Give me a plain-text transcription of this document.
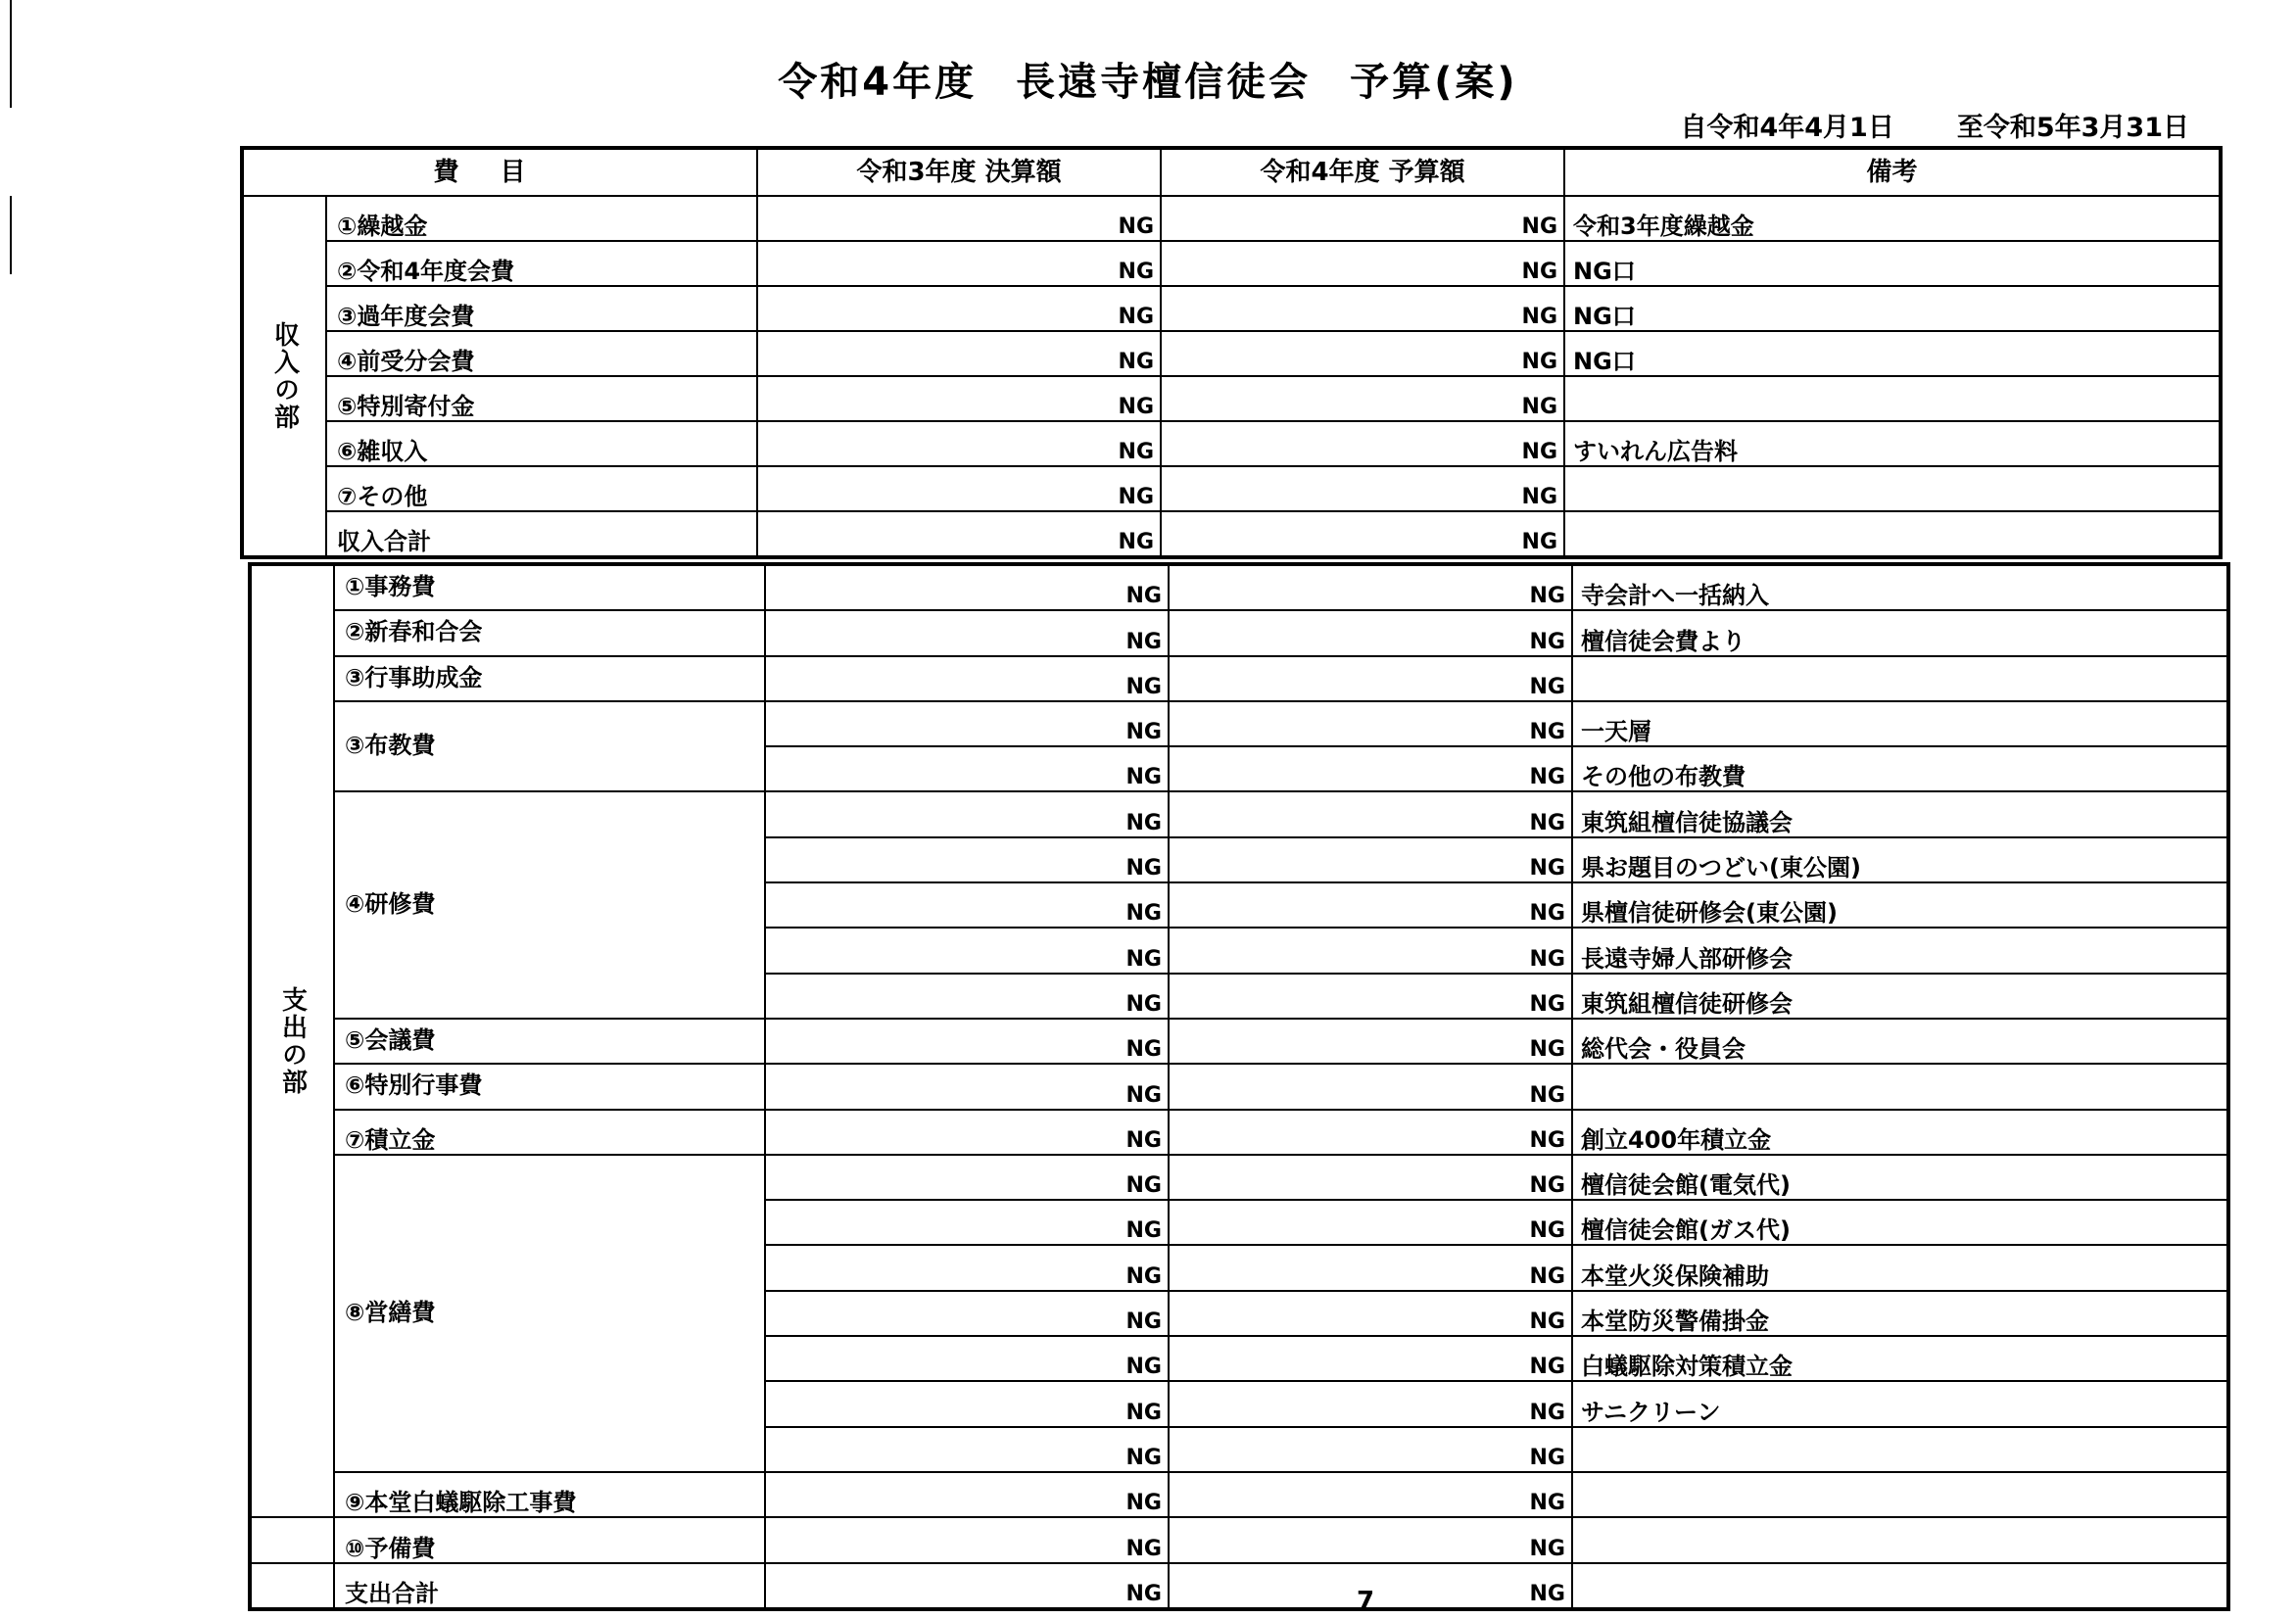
令和4年度 長遠寺檀信徒会 予算(案)
自令和4年4月1日 至令和5年3月31日
費目		令和3年度 決算額	令和4年度 予算額	備考
収入の部	①繰越金	NG	NG	令和3年度繰越金
	②令和4年度会費	NG	NG	NG口
	③過年度会費	NG	NG	NG口
	④前受分会費	NG	NG	NG口
	⑤特別寄付金	NG	NG	
	⑥雑収入	NG	NG	すいれん広告料
	⑦その他	NG	NG	
	収入合計	NG	NG	
支出の部	①事務費	NG	NG	寺会計へ一括納入
	②新春和合会	NG	NG	檀信徒会費より
	③行事助成金	NG	NG	
	③布教費	NG	NG	一天層
		NG	NG	その他の布教費
	④研修費	NG	NG	東筑組檀信徒協議会
		NG	NG	県お題目のつどい(東公園)
		NG	NG	県檀信徒研修会(東公園)
		NG	NG	長遠寺婦人部研修会
		NG	NG	東筑組檀信徒研修会
	⑤会議費	NG	NG	総代会・役員会
	⑥特別行事費	NG	NG	
	⑦積立金	NG	NG	創立400年積立金
	⑧営繕費	NG	NG	檀信徒会館(電気代)
		NG	NG	檀信徒会館(ガス代)
		NG	NG	本堂火災保険補助
		NG	NG	本堂防災警備掛金
		NG	NG	白蟻駆除対策積立金
		NG	NG	サニクリーン
		NG	NG	
	⑨本堂白蟻駆除工事費	NG	NG	
	⑩予備費	NG	NG	
	支出合計	NG	NG	
7
